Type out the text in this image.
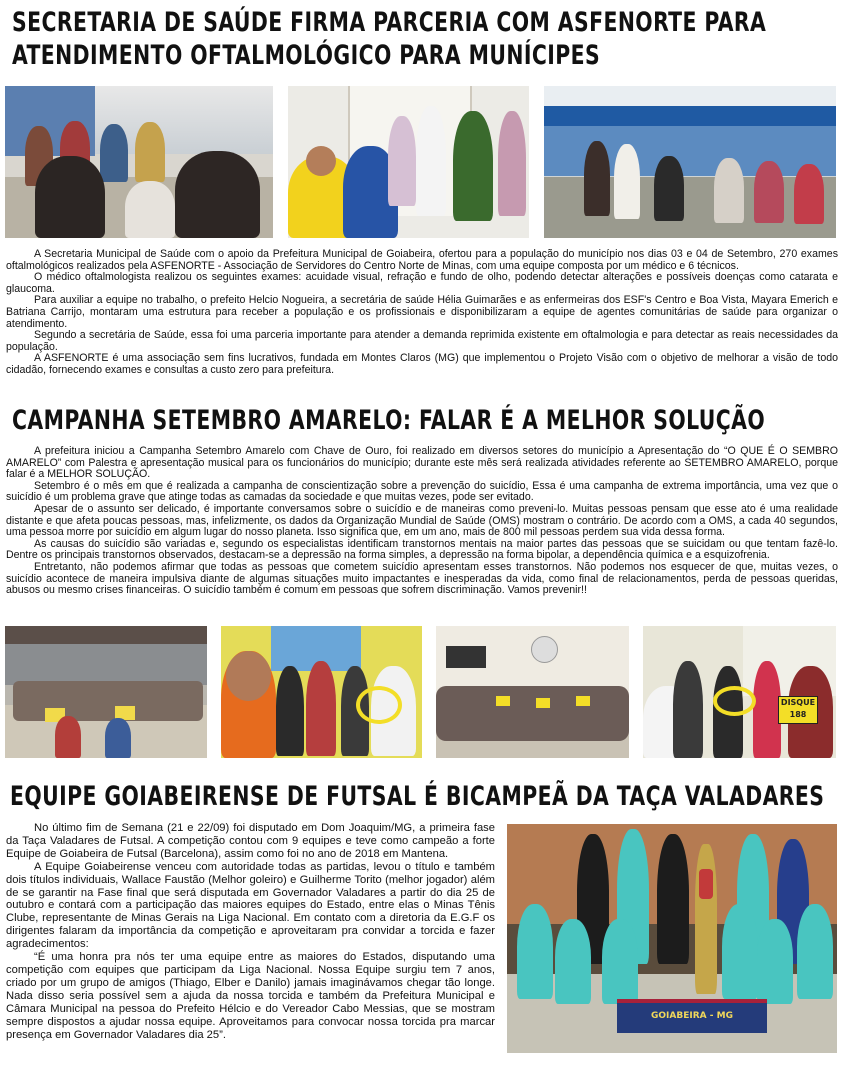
SECRETARIA DE SAÚDE FIRMA PARCERIA COM ASFENORTE PARA
ATENDIMENTO OFTALMOLÓGICO PARA MUNÍCIPES

A Secretaria Municipal de Saúde com o apoio da Prefeitura Municipal de Goiabeira, ofertou para a população do município nos dias 03 e 04 de Setembro, 270 exames oftalmológicos realizados pela ASFENORTE - Associação de Servidores do Centro Norte de Minas, com uma equipe composta por um médico e 6 técnicos.

O médico oftalmologista realizou os seguintes exames: acuidade visual, refração e fundo de olho, podendo detectar alterações e possíveis doenças como catarata e glaucoma.

Para auxiliar a equipe no trabalho, o prefeito Helcio Nogueira, a secretária de saúde Hélia Guimarães e as enfermeiras dos ESF's Centro e Boa Vista, Mayara Emerich e Batriana Carrijo, montaram uma estrutura para receber a população e os profissionais e disponibilizaram a equipe de agentes comunitárias de saúde para organizar o atendimento.

Segundo a secretária de Saúde, essa foi uma parceria importante para atender a demanda reprimida existente em oftalmologia e para detectar as reais necessidades da população.

A ASFENORTE é uma associação sem fins lucrativos, fundada em Montes Claros (MG) que implementou o Projeto Visão com o objetivo de melhorar a visão de todo cidadão, fornecendo exames e consultas a custo zero para prefeitura.

CAMPANHA SETEMBRO AMARELO: FALAR É A MELHOR SOLUÇÃO

A prefeitura iniciou a Campanha Setembro Amarelo com Chave de Ouro, foi realizado em diversos setores do município a Apresentação do “O QUE É O SEMBRO AMARELO” com Palestra e apresentação musical para os funcionários do município; durante este mês será realizada atividades referente ao SETEMBRO AMARELO, porque falar é a MELHOR SOLUÇÃO.

Setembro é o mês em que é realizada a campanha de conscientização sobre a prevenção do suicídio, Essa é uma campanha de extrema importância, uma vez que o suicídio é um problema grave que atinge todas as camadas da sociedade e que muitas vezes, pode ser evitado.

Apesar de o assunto ser delicado, é importante conversamos sobre o suicídio e de maneiras como preveni-lo. Muitas pessoas pensam que esse ato é uma realidade distante e que afeta poucas pessoas, mas, infelizmente, os dados da Organização Mundial de Saúde (OMS) mostram o contrário. De acordo com a OMS, a cada 40 segundos, uma pessoa morre por suicídio em algum lugar do nosso planeta. Isso significa que, em um ano, mais de 800 mil pessoas perdem sua vida dessa forma.

As causas do suicídio são variadas e, segundo os especialistas identificam transtornos mentais na maior partes das pessoas que se suicidam ou que tentam fazê-lo. Dentre os principais transtornos observados, destacam-se a depressão na forma simples, a depressão na forma bipolar, a dependência química e a esquizofrenia.

Entretanto, não podemos afirmar que todas as pessoas que cometem suicídio apresentam esses transtornos. Não podemos nos esquecer de que, muitas vezes, o suicídio acontece de maneira impulsiva diante de algumas situações muito impactantes e inesperadas da vida, como final de relacionamentos, perda de pessoas queridas, abusos ou mesmo crises financeiras. O suicídio também é comum em pessoas que sofrem discriminação. Vamos prevenir!!

DISQUE 188
EQUIPE GOIABEIRENSE DE FUTSAL É BICAMPEÃ DA TAÇA VALADARES

No último fim de Semana (21 e 22/09) foi disputado em Dom Joaquim/MG, a primeira fase da Taça Valadares de Futsal. A competição contou com 9 equipes e teve como campeão a forte Equipe de Goiabeira de Futsal (Barcelona), assim como foi no ano de 2018 em Mantena.

A Equipe Goiabeirense venceu com autoridade todas as partidas, levou o título e também dois títulos individuais, Wallace Faustão (Melhor goleiro) e Guilherme Torito (melhor jogador) além de se garantir na Fase final que será disputada em Governador Valadares a partir do dia 25 de outubro e contará com a participação das maiores equipes do Estado, entre elas o Minas Tênis Clube, representante de Minas Gerais na Liga Nacional. Em contato com a diretoria da E.G.F os dirigentes falaram da importância da competição e aproveitaram pra convidar a torcida e fazer agradecimentos:

“É uma honra pra nós ter uma equipe entre as maiores do Estados, disputando uma competição com equipes que participam da Liga Nacional. Nossa Equipe surgiu tem 7 anos, criado por um grupo de amigos (Thiago, Elber e Danilo) jamais imaginávamos chegar tão longe. Nada disso seria possível sem a ajuda da nossa torcida e também da Prefeitura Municipal e Câmara Municipal na pessoa do Prefeito Hélcio e do Vereador Cabo Messias, que se mostram sempre dispostos a ajudar nossa equipe. Aproveitamos para convocar nossa torcida pra marcar presença em Governador Valadares dia 25”.

GOIABEIRA - MG
